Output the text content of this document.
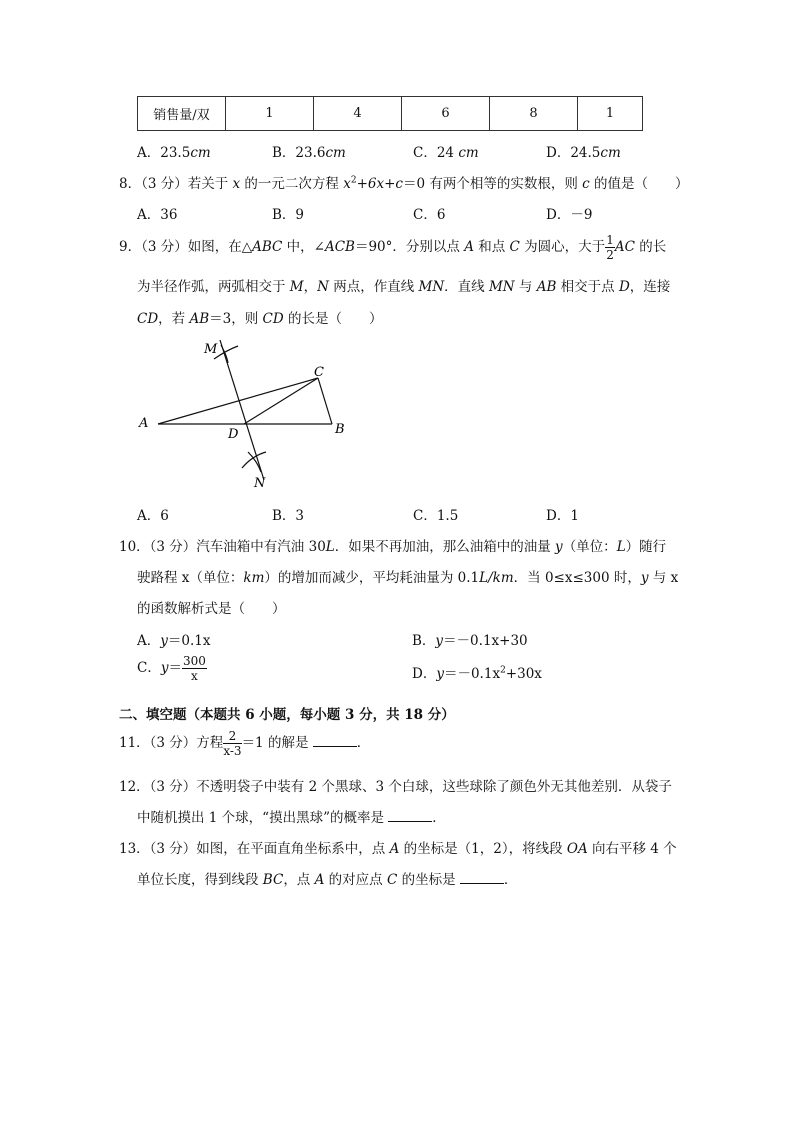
销售量/双	1	4	6	8	1
A．23.5cm	B．23.6cm	C．24 cm	D．24.5cm
8．（3 分）若关于 x 的一元二次方程 $x^2+6x+c=0$ 有两个相等的实数根，则 c 的值是（　　）
A．36	B．9	C．6	D．－9
9．（3 分）如图，在△ABC 中，∠ACB＝90°．分别以点 A 和点 C 为圆心，大于 $\frac{1}{2}$ AC 的长
为半径作弧，两弧相交于 M，N 两点，作直线 MN．直线 MN 与 AB 相交于点 D，连接
CD，若 AB＝3，则 CD 的长是（　　）
M
C
A
D	B
N
A．6	B．3	C．1.5	D．1
10．（3 分）汽车油箱中有汽油 30L．如果不再加油，那么油箱中的油量 y（单位：L）随行
驶路程 x（单位：km）的增加而减少，平均耗油量为 0.1L/km．当 0≤x≤300 时，y 与 x
的函数解析式是（　　）
A．y＝0.1x	B．y＝－0.1x+30
C．$y= \frac{300}{x}$	D．$y=-0.1x^2+30x$
二、填空题（本题共 6 小题，每小题 3 分，共 18 分）
11．（3 分）方程 $\frac{2}{x-3} =1$ 的解是	．
12．（3 分）不透明袋子中装有 2 个黑球、3 个白球，这些球除了颜色外无其他差别．从袋子
中随机摸出 1 个球，“摸出黑球”的概率是	．
13．（3 分）如图，在平面直角坐标系中，点 A 的坐标是（1，2），将线段 OA 向右平移 4 个
单位长度，得到线段 BC，点 A 的对应点 C 的坐标是	．
